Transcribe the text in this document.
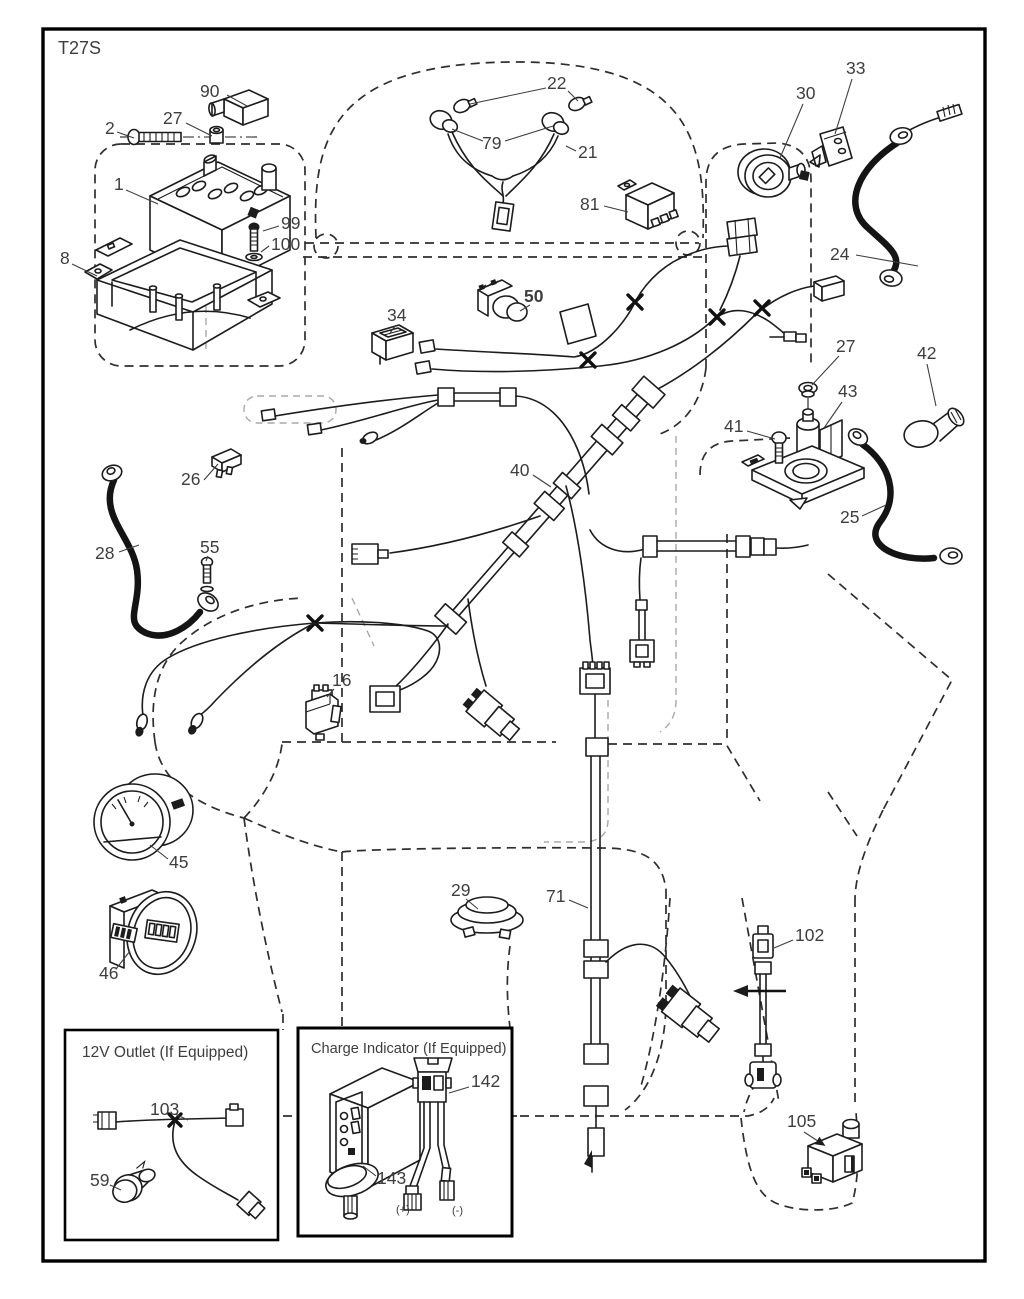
T27S
12V Outlet (If Equipped)	Charge Indicator (If Equipped)
90
2	27
1
99
100
8
22
79	21
81
30
33
24
34
50
27	42
43
41
26	40
25
28	55
16
45
46
29	71
102
103
59
105
142
143
(+)	(-)
